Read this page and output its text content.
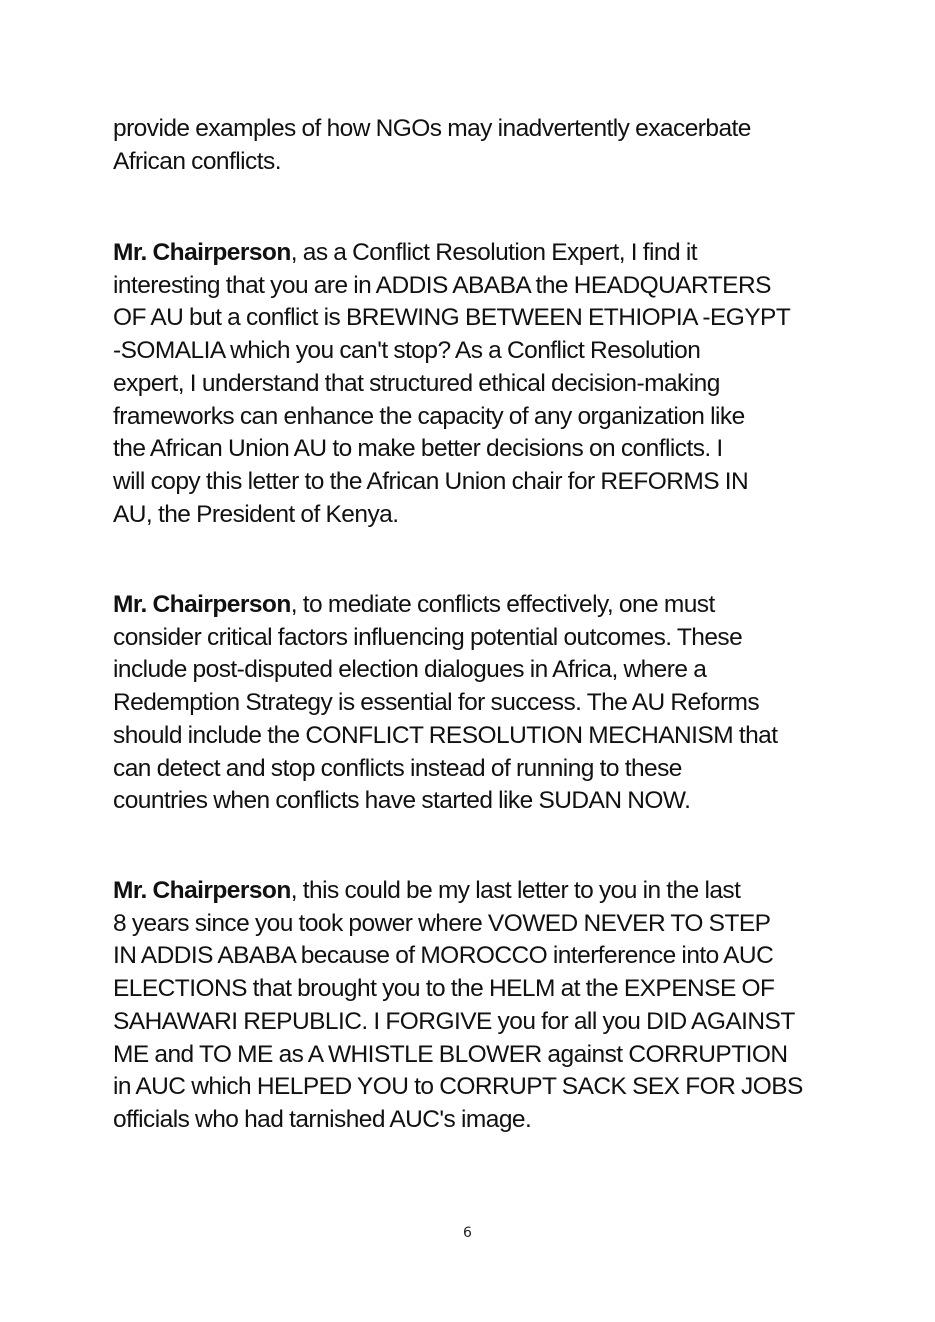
provide examples of how NGOs may inadvertently exacerbate
African conflicts.
Mr. Chairperson, as a Conflict Resolution Expert, I find it
interesting that you are in ADDIS ABABA the HEADQUARTERS
OF AU but a conflict is BREWING BETWEEN ETHIOPIA -EGYPT
-SOMALIA which you can't stop? As a Conflict Resolution
expert, I understand that structured ethical decision-making
frameworks can enhance the capacity of any organization like
the African Union AU to make better decisions on conflicts. I
will copy this letter to the African Union chair for REFORMS IN
AU, the President of Kenya.
Mr. Chairperson, to mediate conflicts effectively, one must
consider critical factors influencing potential outcomes. These
include post-disputed election dialogues in Africa, where a
Redemption Strategy is essential for success. The AU Reforms
should include the CONFLICT RESOLUTION MECHANISM that
can detect and stop conflicts instead of running to these
countries when conflicts have started like SUDAN NOW.
Mr. Chairperson, this could be my last letter to you in the last
8 years since you took power where VOWED NEVER TO STEP
IN ADDIS ABABA because of MOROCCO interference into AUC
ELECTIONS that brought you to the HELM at the EXPENSE OF
SAHAWARI REPUBLIC. I FORGIVE you for all you DID AGAINST
ME and TO ME as A WHISTLE BLOWER against CORRUPTION
in AUC which HELPED YOU to CORRUPT SACK SEX FOR JOBS
officials who had tarnished AUC's image.
6
